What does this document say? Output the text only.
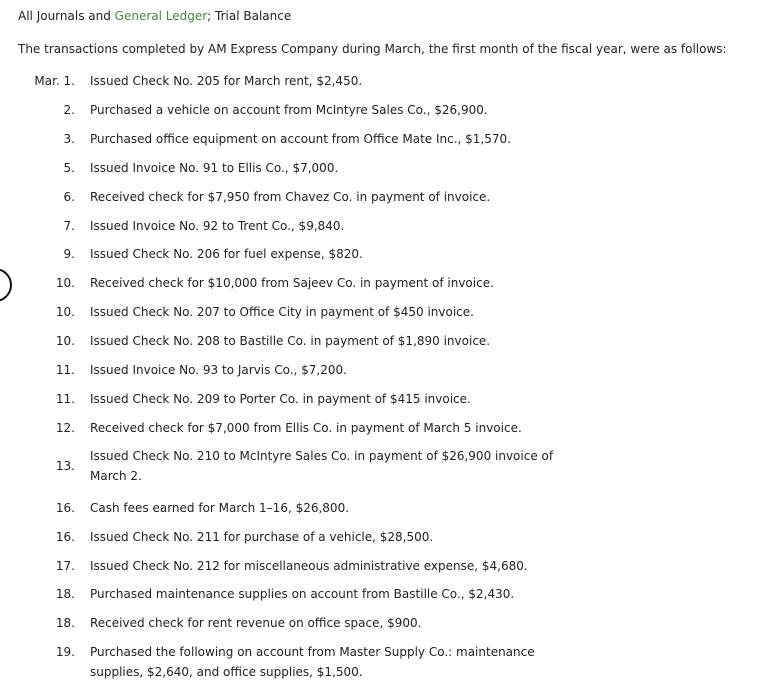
All Journals and General Ledger; Trial Balance
The transactions completed by AM Express Company during March, the first month of the fiscal year, were as follows:
Mar. 1. Issued Check No. 205 for March rent, $2,450.
2. Purchased a vehicle on account from McIntyre Sales Co., $26,900.
3. Purchased office equipment on account from Office Mate Inc., $1,570.
5. Issued Invoice No. 91 to Ellis Co., $7,000.
6. Received check for $7,950 from Chavez Co. in payment of invoice.
7. Issued Invoice No. 92 to Trent Co., $9,840.
9. Issued Check No. 206 for fuel expense, $820.
10. Received check for $10,000 from Sajeev Co. in payment of invoice.
10. Issued Check No. 207 to Office City in payment of $450 invoice.
10. Issued Check No. 208 to Bastille Co. in payment of $1,890 invoice.
11. Issued Invoice No. 93 to Jarvis Co., $7,200.
11. Issued Check No. 209 to Porter Co. in payment of $415 invoice.
12. Received check for $7,000 from Ellis Co. in payment of March 5 invoice.
13.
Issued Check No. 210 to McIntyre Sales Co. in payment of $26,900 invoice of March 2.
16. Cash fees earned for March 1–16, $26,800.
16. Issued Check No. 211 for purchase of a vehicle, $28,500.
17. Issued Check No. 212 for miscellaneous administrative expense, $4,680.
18. Purchased maintenance supplies on account from Bastille Co., $2,430.
18. Received check for rent revenue on office space, $900.
19. Purchased the following on account from Master Supply Co.: maintenance supplies, $2,640, and office supplies, $1,500.
